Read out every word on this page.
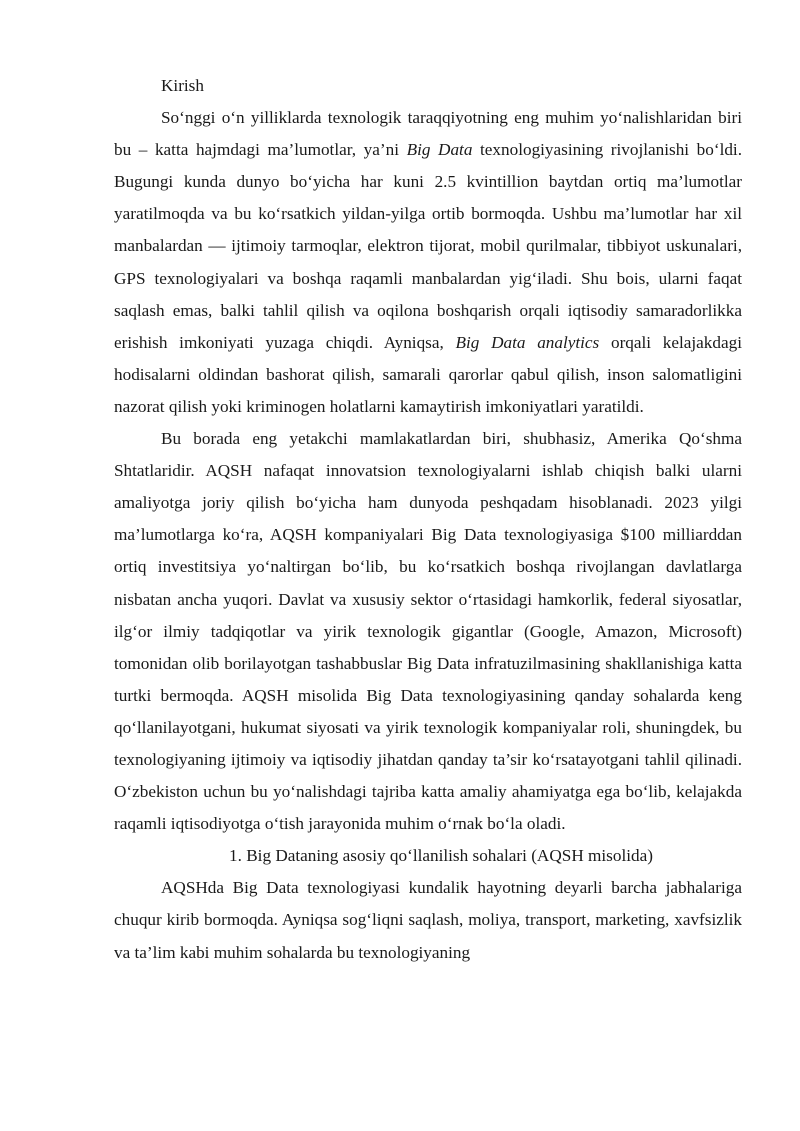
Kirish

So‘nggi o‘n yilliklarda texnologik taraqqiyotning eng muhim yo‘nalishlaridan biri bu – katta hajmdagi ma’lumotlar, ya’ni Big Data texnologiyasining rivojlanishi bo‘ldi. Bugungi kunda dunyo bo‘yicha har kuni 2.5 kvintillion baytdan ortiq ma’lumotlar yaratilmoqda va bu ko‘rsatkich yildan-yilga ortib bormoqda. Ushbu ma’lumotlar har xil manbalardan — ijtimoiy tarmoqlar, elektron tijorat, mobil qurilmalar, tibbiyot uskunalari, GPS texnologiyalari va boshqa raqamli manbalardan yig‘iladi. Shu bois, ularni faqat saqlash emas, balki tahlil qilish va oqilona boshqarish orqali iqtisodiy samaradorlikka erishish imkoniyati yuzaga chiqdi. Ayniqsa, Big Data analytics orqali kelajakdagi hodisalarni oldindan bashorat qilish, samarali qarorlar qabul qilish, inson salomatligini nazorat qilish yoki kriminogen holatlarni kamaytirish imkoniyatlari yaratildi.

Bu borada eng yetakchi mamlakatlardan biri, shubhasiz, Amerika Qo‘shma Shtatlaridir. AQSH nafaqat innovatsion texnologiyalarni ishlab chiqish balki ularni amaliyotga joriy qilish bo‘yicha ham dunyoda peshqadam hisoblanadi. 2023 yilgi ma’lumotlarga ko‘ra, AQSH kompaniyalari Big Data texnologiyasiga $100 milliarddan ortiq investitsiya yo‘naltirgan bo‘lib, bu ko‘rsatkich boshqa rivojlangan davlatlarga nisbatan ancha yuqori. Davlat va xususiy sektor o‘rtasidagi hamkorlik, federal siyosatlar, ilg‘or ilmiy tadqiqotlar va yirik texnologik gigantlar (Google, Amazon, Microsoft) tomonidan olib borilayotgan tashabbuslar Big Data infratuzilmasining shakllanishiga katta turtki bermoqda. AQSH misolida Big Data texnologiyasining qanday sohalarda keng qo‘llanilayotgani, hukumat siyosati va yirik texnologik kompaniyalar roli, shuningdek, bu texnologiyaning ijtimoiy va iqtisodiy jihatdan qanday ta’sir ko‘rsatayotgani tahlil qilinadi. O‘zbekiston uchun bu yo‘nalishdagi tajriba katta amaliy ahamiyatga ega bo‘lib, kelajakda raqamli iqtisodiyotga o‘tish jarayonida muhim o‘rnak bo‘la oladi.

1. Big Dataning asosiy qo‘llanilish sohalari (AQSH misolida)

AQSHda Big Data texnologiyasi kundalik hayotning deyarli barcha jabhalariga chuqur kirib bormoqda. Ayniqsa sog‘liqni saqlash, moliya, transport, marketing, xavfsizlik va ta’lim kabi muhim sohalarda bu texnologiyaning
